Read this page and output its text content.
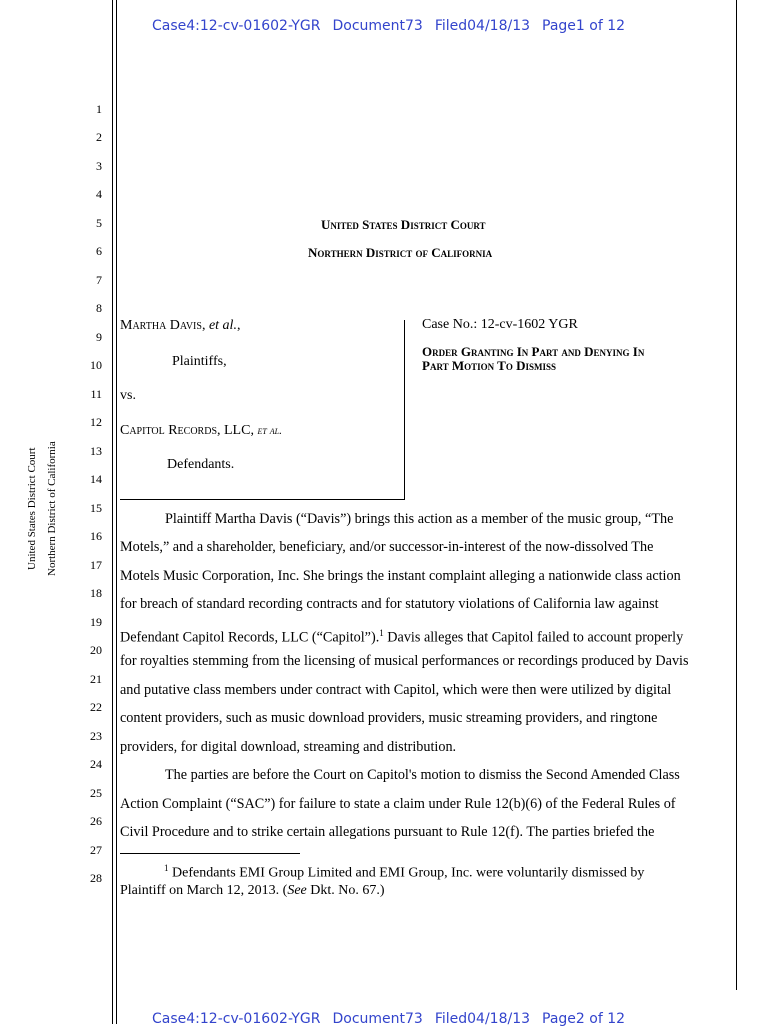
Case4:12-cv-01602-YGR Document73 Filed04/18/13 Page1 of 12
United States District Court Northern District of California
1
2
3
4
5
6
7
8
9
10
11
12
13
14
15
16
17
18
19
20
21
22
23
24
25
26
27
28
United States District Court
Northern District of California
Martha Davis, et al.,
Plaintiffs,
vs.
Capitol Records, LLC, et al.
Defendants.
Case No.: 12-cv-1602 YGR
Order Granting In Part and Denying In
Part Motion To Dismiss
Plaintiff Martha Davis (“Davis”) brings this action as a member of the music group, “The
Motels,” and a shareholder, beneficiary, and/or successor-in-interest of the now-dissolved The
Motels Music Corporation, Inc. She brings the instant complaint alleging a nationwide class action
for breach of standard recording contracts and for statutory violations of California law against
Defendant Capitol Records, LLC (“Capitol”).$^1$ Davis alleges that Capitol failed to account properly
for royalties stemming from the licensing of musical performances or recordings produced by Davis
and putative class members under contract with Capitol, which were then were utilized by digital
content providers, such as music download providers, music streaming providers, and ringtone
providers, for digital download, streaming and distribution.
The parties are before the Court on Capitol's motion to dismiss the Second Amended Class
Action Complaint (“SAC”) for failure to state a claim under Rule 12(b)(6) of the Federal Rules of
Civil Procedure and to strike certain allegations pursuant to Rule 12(f). The parties briefed the
$^1$ Defendants EMI Group Limited and EMI Group, Inc. were voluntarily dismissed by
Plaintiff on March 12, 2013. (See Dkt. No. 67.)
Case4:12-cv-01602-YGR Document73 Filed04/18/13 Page2 of 12
